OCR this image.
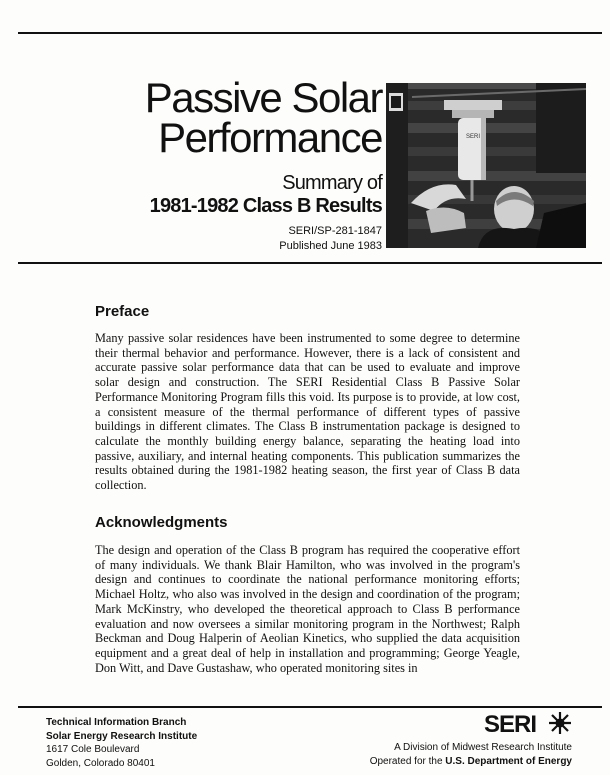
Passive Solar
Performance
Summary of
1981-1982 Class B Results
SERI/SP-281-1847
Published June 1983
SERI
Preface

Many passive solar residences have been instrumented to some degree to determine their thermal behavior and performance. However, there is a lack of consistent and accurate passive solar performance data that can be used to evaluate and improve solar design and construction. The SERI Residential Class B Passive Solar Performance Monitoring Program fills this void. Its purpose is to provide, at low cost, a consistent measure of the thermal performance of different types of passive buildings in different climates. The Class B instrumentation package is designed to calculate the monthly building energy balance, separating the heating load into passive, auxiliary, and internal heating components. This publication summarizes the results obtained during the 1981-1982 heating season, the first year of Class B data collection.

Acknowledgments

The design and operation of the Class B program has required the cooperative effort of many individuals. We thank Blair Hamilton, who was involved in the program's design and continues to coordinate the national performance monitoring efforts; Michael Holtz, who also was involved in the design and coordination of the program; Mark McKinstry, who developed the theoretical approach to Class B performance evaluation and now oversees a similar monitoring program in the Northwest; Ralph Beckman and Doug Halperin of Aeolian Kinetics, who supplied the data acquisition equipment and a great deal of help in installation and programming; George Yeagle, Don Witt, and Dave Gustashaw, who operated monitoring sites in

Technical Information Branch
Solar Energy Research Institute
1617 Cole Boulevard
Golden, Colorado 80401
SERI
A Division of Midwest Research Institute
Operated for the U.S. Department of Energy
